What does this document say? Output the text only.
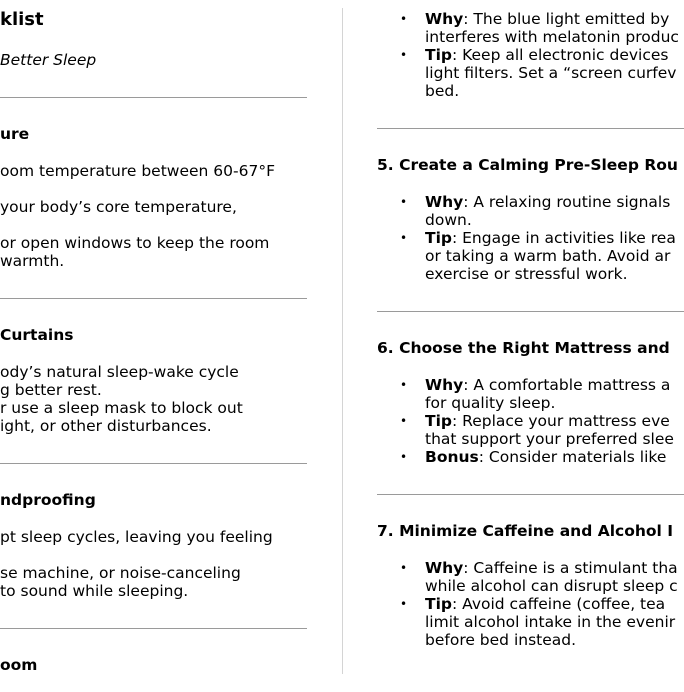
klist
Better Sleep
ure
oom temperature between 60-67°F
your body’s core temperature,
or open windows to keep the room
warmth.
Curtains
ody’s natural sleep-wake cycle
g better rest.
r use a sleep mask to block out
ight, or other disturbances.
ndproofing
pt sleep cycles, leaving you feeling
se machine, or noise-canceling
to sound while sleeping.
oom
• Why: The blue light emitted by
interferes with melatonin produc
• Tip: Keep all electronic devices
light filters. Set a “screen curfev
bed.
5. Create a Calming Pre-Sleep Rou
• Why: A relaxing routine signals
down.
• Tip: Engage in activities like rea
or taking a warm bath. Avoid ar
exercise or stressful work.
6. Choose the Right Mattress and
• Why: A comfortable mattress a
for quality sleep.
• Tip: Replace your mattress eve
that support your preferred slee
• Bonus: Consider materials like
7. Minimize Caffeine and Alcohol I
• Why: Caffeine is a stimulant tha
while alcohol can disrupt sleep c
• Tip: Avoid caffeine (coffee, tea
limit alcohol intake in the evenir
before bed instead.
